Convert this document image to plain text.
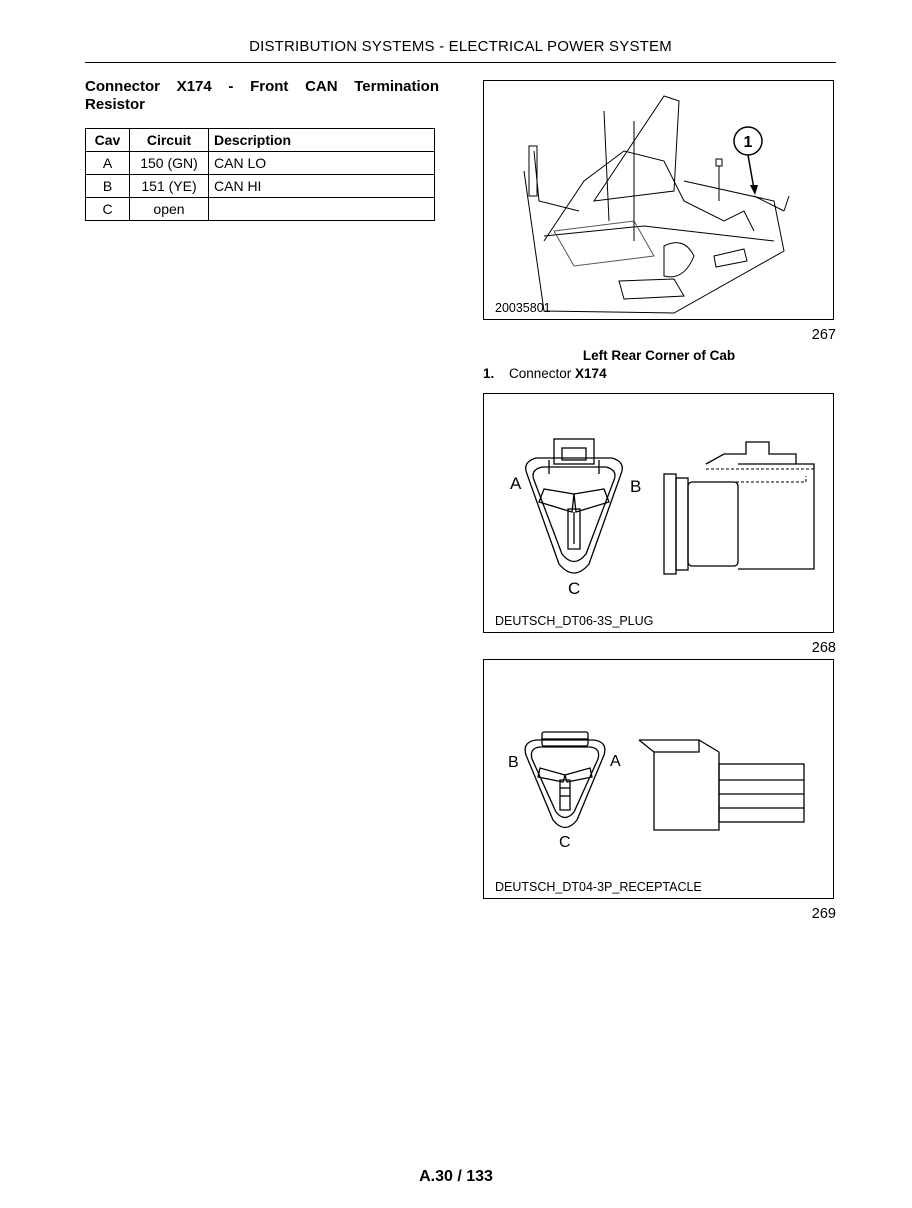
DISTRIBUTION SYSTEMS - ELECTRICAL POWER SYSTEM
Connector X174 - Front CAN Termination Resistor
Cav	Circuit	Description
A	150 (GN)	CAN LO
B	151 (YE)	CAN HI
C	open	
1
20035801
267
Left Rear Corner of Cab
1. Connector X174
A	B
C
DEUTSCH_DT06-3S_PLUG
268
B	A
C
DEUTSCH_DT04-3P_RECEPTACLE
269
A.30 / 133
